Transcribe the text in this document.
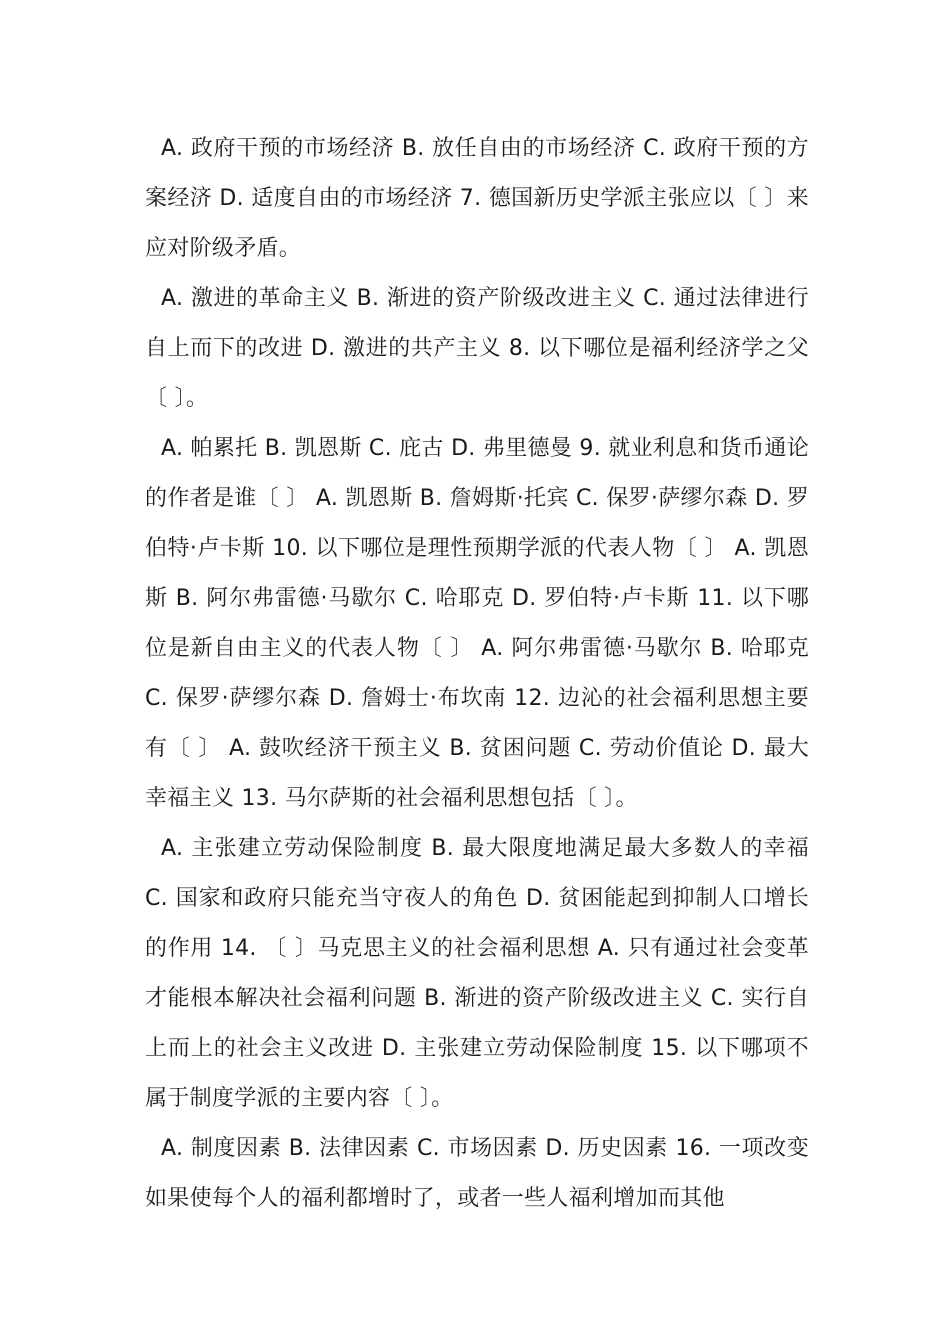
A. 政府干预的市场经济 B. 放任自由的市场经济 C. 政府干预的方案经济 D. 适度自由的市场经济 7. 德国新历史学派主张应以〔 〕来应对阶级矛盾。

A. 激进的革命主义 B. 渐进的资产阶级改进主义 C. 通过法律进行自上而下的改进 D. 激进的共产主义 8. 以下哪位是福利经济学之父〔 〕。

A. 帕累托 B. 凯恩斯 C. 庇古 D. 弗里德曼 9. 就业利息和货币通论的作者是谁〔 〕 A. 凯恩斯 B. 詹姆斯·托宾 C. 保罗·萨缪尔森 D. 罗伯特·卢卡斯 10. 以下哪位是理性预期学派的代表人物〔 〕 A. 凯恩斯 B. 阿尔弗雷德·马歇尔 C. 哈耶克 D. 罗伯特·卢卡斯 11. 以下哪位是新自由主义的代表人物〔 〕 A. 阿尔弗雷德·马歇尔 B. 哈耶克 C. 保罗·萨缪尔森 D. 詹姆士·布坎南 12. 边沁的社会福利思想主要有〔 〕 A. 鼓吹经济干预主义 B. 贫困问题 C. 劳动价值论 D. 最大幸福主义 13. 马尔萨斯的社会福利思想包括〔 〕。

A. 主张建立劳动保险制度 B. 最大限度地满足最大多数人的幸福 C. 国家和政府只能充当守夜人的角色 D. 贫困能起到抑制人口增长的作用 14. 〔 〕马克思主义的社会福利思想 A. 只有通过社会变革才能根本解决社会福利问题 B. 渐进的资产阶级改进主义 C. 实行自上而上的社会主义改进 D. 主张建立劳动保险制度 15. 以下哪项不属于制度学派的主要内容〔 〕。

A. 制度因素 B. 法律因素 C. 市场因素 D. 历史因素 16. 一项改变如果使每个人的福利都增时了，或者一些人福利增加而其他
